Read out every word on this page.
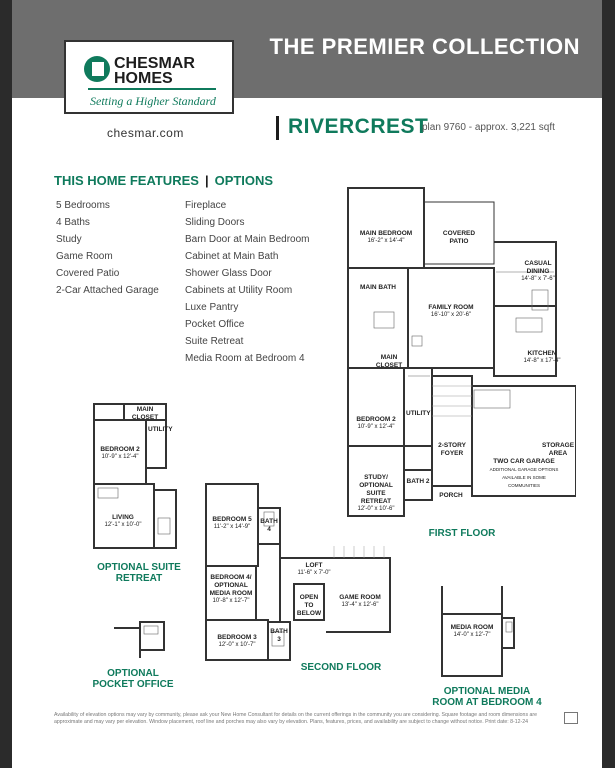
THE PREMIER COLLECTION
CHESMAR HOMES
Setting a Higher Standard
chesmar.com	RIVERCREST
plan 9760 - approx. 3,221 sqft
THIS HOME FEATURES | OPTIONS
5 Bedrooms
4 Baths
Study
Game Room
Covered Patio
2-Car Attached Garage
Fireplace
Sliding Doors
Barn Door at Main Bedroom
Cabinet at Main Bath
Shower Glass Door
Cabinets at Utility Room
Luxe Pantry
Pocket Office
Suite Retreat
Media Room at Bedroom 4
MAIN BEDROOM
16'-2" x 14'-4"
COVERED PATIO
CASUAL DINING
14'-8" x 7'-6"
MAIN BATH
FAMILY ROOM
16'-10" x 20'-6"
KITCHEN
14'-8" x 17'-4"
MAIN CLOSET
BEDROOM 2
10'-9" x 12'-4"
UTILITY
2-STORY FOYER
TWO CAR GARAGE
ADDITIONAL GARAGE OPTIONS AVAILABLE IN SOME COMMUNITIES
STORAGE AREA
STUDY/ OPTIONAL SUITE RETREAT
12'-0" x 10'-6"
BATH 2
PORCH
FIRST FLOOR
MAIN CLOSET
UTILITY
BEDROOM 2
10'-9" x 12'-4"
LIVING
12'-1" x 10'-0"
OPTIONAL SUITE RETREAT
BEDROOM 5
11'-2" x 14'-9"
BATH 4
LOFT
11'-6" x 7'-0"
BEDROOM 4/ OPTIONAL MEDIA ROOM
10'-8" x 12'-7"	GAME ROOM
13'-4" x 12'-6"
OPEN TO BELOW
BEDROOM 3
12'-0" x 10'-7"
BATH 3
SECOND FLOOR
OPTIONAL POCKET OFFICE
MEDIA ROOM
14'-0" x 12'-7"
OPTIONAL MEDIA ROOM AT BEDROOM 4
Availability of elevation options may vary by community, please ask your New Home Consultant for details on the current offerings in the community you are considering. Square footage and room dimensions are approximate and may vary per elevation. Window placement, roof line and porches may also vary by elevation. Plans, features, prices, and availability are subject to change without notice. Print date: 8-12-24
